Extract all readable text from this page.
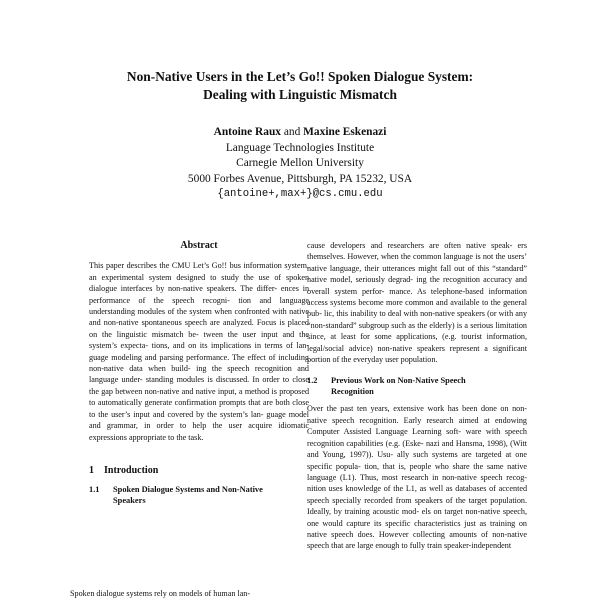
Non-Native Users in the Let’s Go!! Spoken Dialogue System:
Dealing with Linguistic Mismatch
Antoine Raux and Maxine Eskenazi
Language Technologies Institute
Carnegie Mellon University
5000 Forbes Avenue, Pittsburgh, PA 15232, USA
{antoine+,max+}@cs.cmu.edu
Abstract

This paper describes the CMU Let’s Go!! bus information system, an experimental system designed to study the use of spoken dialogue interfaces by non-native speakers. The differ- ences in performance of the speech recogni- tion and language understanding modules of the system when confronted with native and non-native spontaneous speech are analyzed. Focus is placed on the linguistic mismatch be- tween the user input and the system’s expecta- tions, and on its implications in terms of lan- guage modeling and parsing performance. The effect of including non-native data when build- ing the speech recognition and language under- standing modules is discussed. In order to close the gap between non-native and native input, a method is proposed to automatically generate confirmation prompts that are both close to the user’s input and covered by the system’s lan- guage model and grammar, in order to help the user acquire idiomatic expressions appropriate to the task.

1 Introduction
1.1	Spoken Dialogue Systems and Non-Native
Speakers
Spoken dialogue systems rely on models of human lan-

cause developers and researchers are often native speak- ers themselves. However, when the common language is not the users’ native language, their utterances might fall out of this “standard” native model, seriously degrad- ing the recognition accuracy and overall system perfor- mance. As telephone-based information access systems become more common and available to the general pub- lic, this inability to deal with non-native speakers (or with any “non-standard” subgroup such as the elderly) is a serious limitation since, at least for some applications, (e.g. tourist information, legal/social advice) non-native speakers represent a significant portion of the everyday user population.

1.2	Previous Work on Non-Native Speech
Recognition

Over the past ten years, extensive work has been done on non-native speech recognition. Early research aimed at endowing Computer Assisted Language Learning soft- ware with speech recognition capabilities (e.g. (Eske- nazi and Hansma, 1998), (Witt and Young, 1997)). Usu- ally such systems are targeted at one specific popula- tion, that is, people who share the same native language (L1). Thus, most research in non-native speech recog- nition uses knowledge of the L1, as well as databases of accented speech specially recorded from speakers of the target population. Ideally, by training acoustic mod- els on target non-native speech, one would capture its specific characteristics just as training on native speech does. However collecting amounts of non-native speech that are large enough to fully train speaker-independent
